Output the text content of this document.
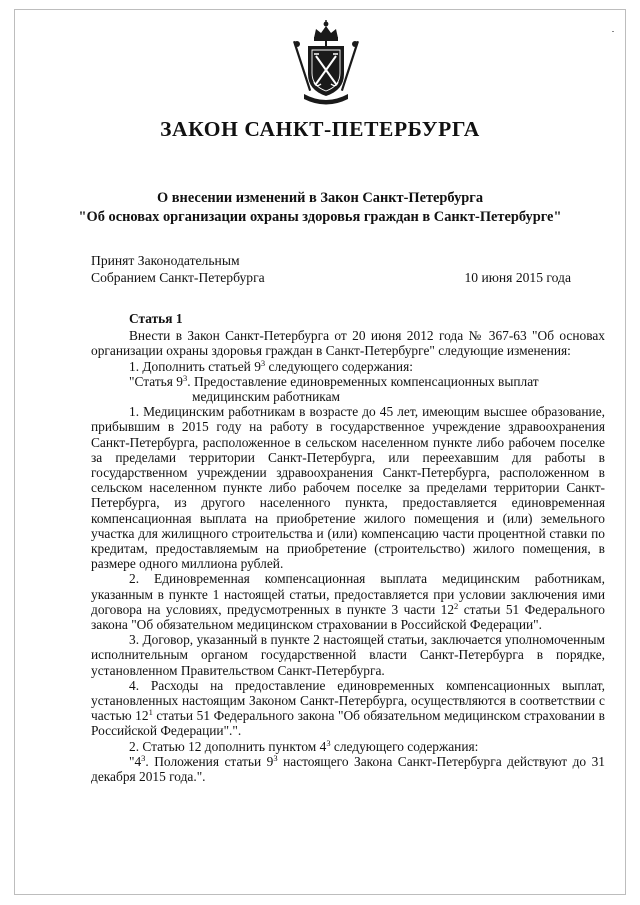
ЗАКОН САНКТ-ПЕТЕРБУРГА
О внесении изменений в Закон Санкт-Петербурга
"Об основах организации охраны здоровья граждан в Санкт-Петербурге"
Принят Законодательным
Собранием Санкт-Петербурга	10 июня 2015 года

Статья 1

Внести в Закон Санкт-Петербурга от 20 июня 2012 года № 367-63 "Об основах организации охраны здоровья граждан в Санкт-Петербурге" следующие изменения:

1. Дополнить статьей $9^3$ следующего содержания:

"Статья $9^3$. Предоставление единовременных компенсационных выплат

медицинским работникам

1. Медицинским работникам в возрасте до 45 лет, имеющим высшее образование, прибывшим в 2015 году на работу в государственное учреждение здравоохранения Санкт-Петербурга, расположенное в сельском населенном пункте либо рабочем поселке за пределами территории Санкт-Петербурга, или переехавшим для работы в государственном учреждении здравоохранения Санкт-Петербурга, расположенном в сельском населенном пункте либо рабочем поселке за пределами территории Санкт-Петербурга, из другого населенного пункта, предоставляется единовременная компенсационная выплата на приобретение жилого помещения и (или) земельного участка для жилищного строительства и (или) компенсацию части процентной ставки по кредитам, предоставляемым на приобретение (строительство) жилого помещения, в размере одного миллиона рублей.

2. Единовременная компенсационная выплата медицинским работникам, указанным в пункте 1 настоящей статьи, предоставляется при условии заключения ими договора на условиях, предусмотренных в пункте 3 части $12^2$ статьи 51 Федерального закона "Об обязательном медицинском страховании в Российской Федерации".

3. Договор, указанный в пункте 2 настоящей статьи, заключается уполномоченным исполнительным органом государственной власти Санкт-Петербурга в порядке, установленном Правительством Санкт-Петербурга.

4. Расходы на предоставление единовременных компенсационных выплат, установленных настоящим Законом Санкт-Петербурга, осуществляются в соответствии с частью $12^1$ статьи 51 Федерального закона "Об обязательном медицинском страховании в Российской Федерации".".

2. Статью 12 дополнить пунктом $4^3$ следующего содержания:

"$4^3$. Положения статьи $9^3$ настоящего Закона Санкт-Петербурга действуют до 31 декабря 2015 года.".
